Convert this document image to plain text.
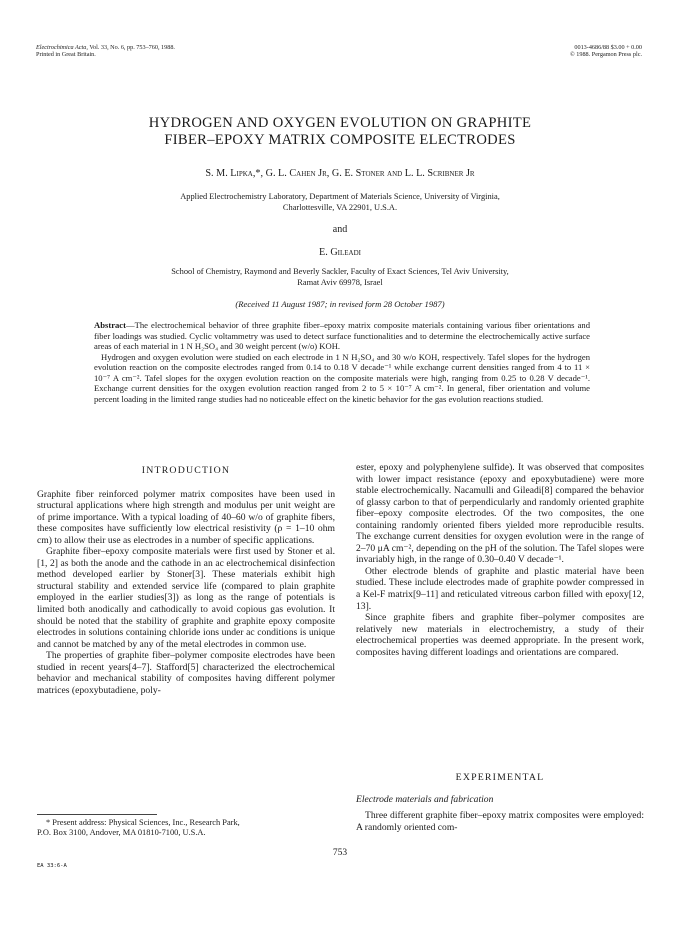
Electrochimica Acta, Vol. 33, No. 6, pp. 753–760, 1988.
Printed in Great Britain.
0013-4686/88 $3.00 + 0.00
© 1988. Pergamon Press plc.
HYDROGEN AND OXYGEN EVOLUTION ON GRAPHITE
FIBER–EPOXY MATRIX COMPOSITE ELECTRODES
S. M. Lipka,*, G. L. Cahen Jr, G. E. Stoner and L. L. Scribner Jr
Applied Electrochemistry Laboratory, Department of Materials Science, University of Virginia,
Charlottesville, VA 22901, U.S.A.
and
E. Gileadi
School of Chemistry, Raymond and Beverly Sackler, Faculty of Exact Sciences, Tel Aviv University,
Ramat Aviv 69978, Israel
(Received 11 August 1987; in revised form 28 October 1987)

Abstract—The electrochemical behavior of three graphite fiber–epoxy matrix composite materials containing various fiber orientations and fiber loadings was studied. Cyclic voltammetry was used to detect surface functionalities and to determine the electrochemically active surface areas of each material in 1 N H₂SO₄ and 30 weight percent (w/o) KOH.

Hydrogen and oxygen evolution were studied on each electrode in 1 N H₂SO₄ and 30 w/o KOH, respectively. Tafel slopes for the hydrogen evolution reaction on the composite electrodes ranged from 0.14 to 0.18 V decade⁻¹ while exchange current densities ranged from 4 to 11 × 10⁻⁷ A cm⁻². Tafel slopes for the oxygen evolution reaction on the composite materials were high, ranging from 0.25 to 0.28 V decade⁻¹. Exchange current densities for the oxygen evolution reaction ranged from 2 to 5 × 10⁻⁷ A cm⁻². In general, fiber orientation and volume percent loading in the limited range studies had no noticeable effect on the kinetic behavior for the gas evolution reactions studied.

INTRODUCTION

Graphite fiber reinforced polymer matrix composites have been used in structural applications where high strength and modulus per unit weight are of prime importance. With a typical loading of 40–60 w/o of graphite fibers, these composites have sufficiently low electrical resistivity (ρ = 1–10 ohm cm) to allow their use as electrodes in a number of specific applications.

Graphite fiber–epoxy composite materials were first used by Stoner et al. [1, 2] as both the anode and the cathode in an ac electrochemical disinfection method developed earlier by Stoner[3]. These materials exhibit high structural stability and extended service life (compared to plain graphite employed in the earlier studies[3]) as long as the range of potentials is limited both anodically and cathodically to avoid copious gas evolution. It should be noted that the stability of graphite and graphite epoxy composite electrodes in solutions containing chloride ions under ac conditions is unique and cannot be matched by any of the metal electrodes in common use.

The properties of graphite fiber–polymer composite electrodes have been studied in recent years[4–7]. Stafford[5] characterized the electrochemical behavior and mechanical stability of composites having different polymer matrices (epoxybutadiene, poly-

* Present address: Physical Sciences, Inc., Research Park,
P.O. Box 3100, Andover, MA 01810-7100, U.S.A.

ester, epoxy and polyphenylene sulfide). It was observed that composites with lower impact resistance (epoxy and epoxybutadiene) were more stable electrochemically. Nacamulli and Gileadi[8] compared the behavior of glassy carbon to that of perpendicularly and randomly oriented graphite fiber–epoxy composite electrodes. Of the two composites, the one containing randomly oriented fibers yielded more reproducible results. The exchange current densities for oxygen evolution were in the range of 2–70 μA cm⁻², depending on the pH of the solution. The Tafel slopes were invariably high, in the range of 0.30–0.40 V decade⁻¹.

Other electrode blends of graphite and plastic material have been studied. These include electrodes made of graphite powder compressed in a Kel-F matrix[9–11] and reticulated vitreous carbon filled with epoxy[12, 13].

Since graphite fibers and graphite fiber–polymer composites are relatively new materials in electrochemistry, a study of their electrochemical properties was deemed appropriate. In the present work, composites having different loadings and orientations are compared.

EXPERIMENTAL
Electrode materials and fabrication

Three different graphite fiber–epoxy matrix composites were employed: A randomly oriented com-

753
EA 33:6-A
